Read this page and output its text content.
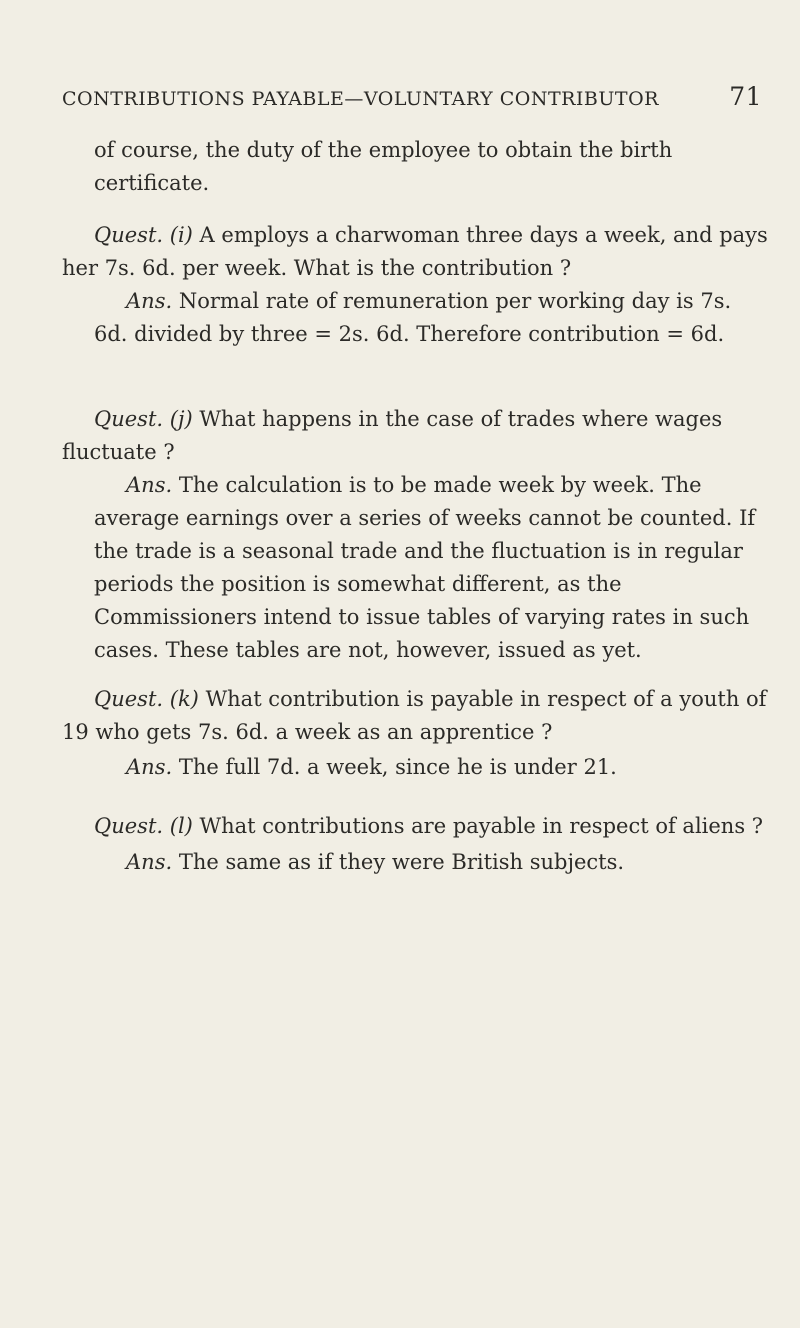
CONTRIBUTIONS PAYABLE—VOLUNTARY CONTRIBUTOR	71

of course, the duty of the employee to obtain the birth certificate.

Quest. (i) A employs a charwoman three days a week, and pays her 7s. 6d. per week. What is the contribution ?

Ans. Normal rate of remuneration per working day is 7s. 6d. divided by three = 2s. 6d. Therefore contribution = 6d.

Quest. (j) What happens in the case of trades where wages fluctuate ?

Ans. The calculation is to be made week by week. The average earnings over a series of weeks cannot be counted. If the trade is a seasonal trade and the fluctuation is in regular periods the position is somewhat different, as the Commissioners intend to issue tables of varying rates in such cases. These tables are not, however, issued as yet.

Quest. (k) What contribution is payable in respect of a youth of 19 who gets 7s. 6d. a week as an apprentice ?

Ans. The full 7d. a week, since he is under 21.

Quest. (l) What contributions are payable in respect of aliens ?

Ans. The same as if they were British subjects.
